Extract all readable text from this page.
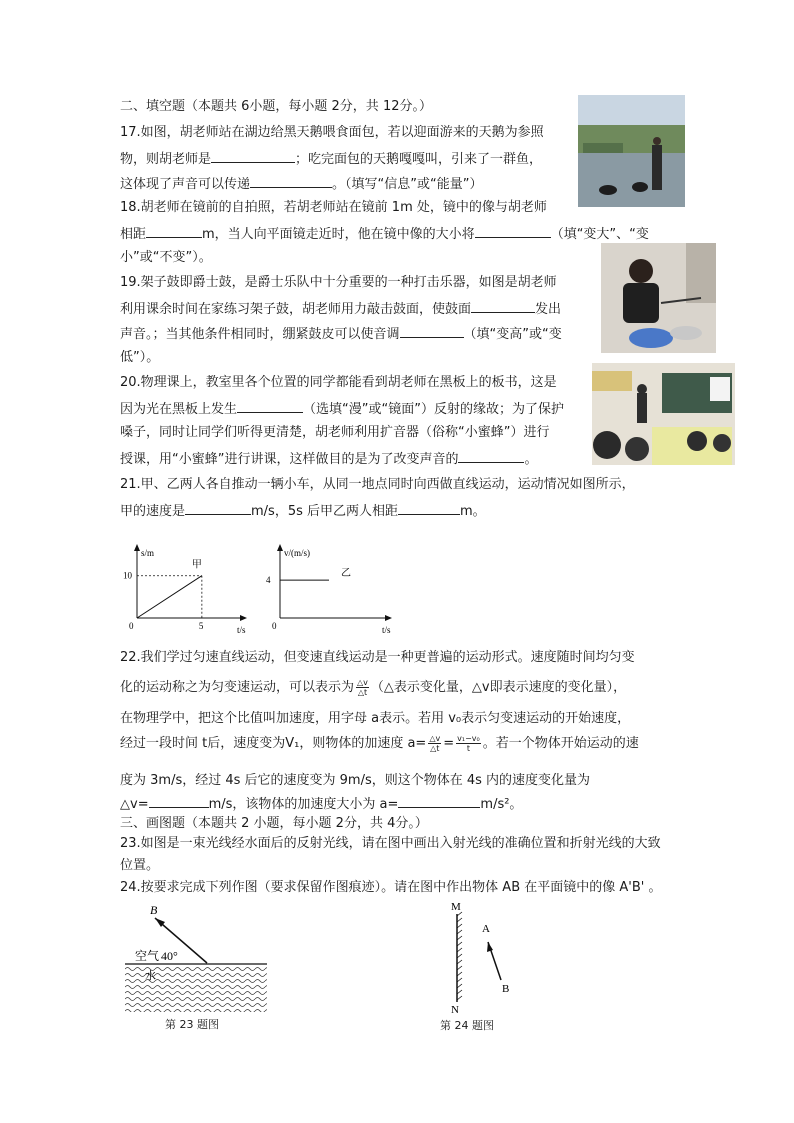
二、填空题（本题共 6小题，每小题 2分，共 12分。）
17.如图，胡老师站在湖边给黑天鹅喂食面包，若以迎面游来的天鹅为参照
物，则胡老师是	；吃完面包的天鹅嘎嘎叫，引来了一群鱼，
这体现了声音可以传递	。（填写“信息”或“能量”）
18.胡老师在镜前的自拍照，若胡老师站在镜前 1m 处，镜中的像与胡老师
相距	m，当人向平面镜走近时，他在镜中像的大小将	（填“变大”、“变
小”或“不变”）。
19.架子鼓即爵士鼓，是爵士乐队中十分重要的一种打击乐器，如图是胡老师
利用课余时间在家练习架子鼓，胡老师用力敲击鼓面，使鼓面	发出
声音。；当其他条件相同时，绷紧鼓皮可以使音调	（填“变高”或“变
低”）。
20.物理课上，教室里各个位置的同学都能看到胡老师在黑板上的板书，这是
因为光在黑板上发生	（选填“漫”或“镜面”）反射的缘故；为了保护
嗓子，同时让同学们听得更清楚，胡老师利用扩音器（俗称“小蜜蜂”）进行
授课，用“小蜜蜂”进行讲课，这样做目的是为了改变声音的	。
21.甲、乙两人各自推动一辆小车，从同一地点同时向西做直线运动，运动情况如图所示，
甲的速度是	m/s，5s 后甲乙两人相距	m。
s/m
t/s
0
甲
10
5
v/(m/s)
t/s
0
乙
4
22.我们学过匀速直线运动，但变速直线运动是一种更普遍的运动形式。速度随时间均匀变
化的运动称之为匀变速运动，可以表示为 $\frac{\triangle v}{\triangle t}$ （△表示变化量，△v即表示速度的变化量），
在物理学中，把这个比值叫加速度，用字母 a表示。若用 v₀表示匀变速运动的开始速度，
经过一段时间 t后，速度变为V₁，则物体的加速度 $a= \frac{\triangle v}{\triangle t} = \frac{\text{v₁−v₀}}{t}$ 。若一个物体开始运动的速
度为 3m/s，经过 4s 后它的速度变为 9m/s，则这个物体在 4s 内的速度变化量为
△v=	m/s，该物体的加速度大小为 a=	m/s²。
三、画图题（本题共 2 小题，每小题 2分，共 4分。）
23.如图是一束光线经水面后的反射光线，请在图中画出入射光线的准确位置和折射光线的大致
位置。
24.按要求完成下列作图（要求保留作图痕迹）。请在图中作出物体 AB 在平面镜中的像 A'B' 。
B
空气 40°
水
第 23 题图
M
N
A
B
第 24 题图
